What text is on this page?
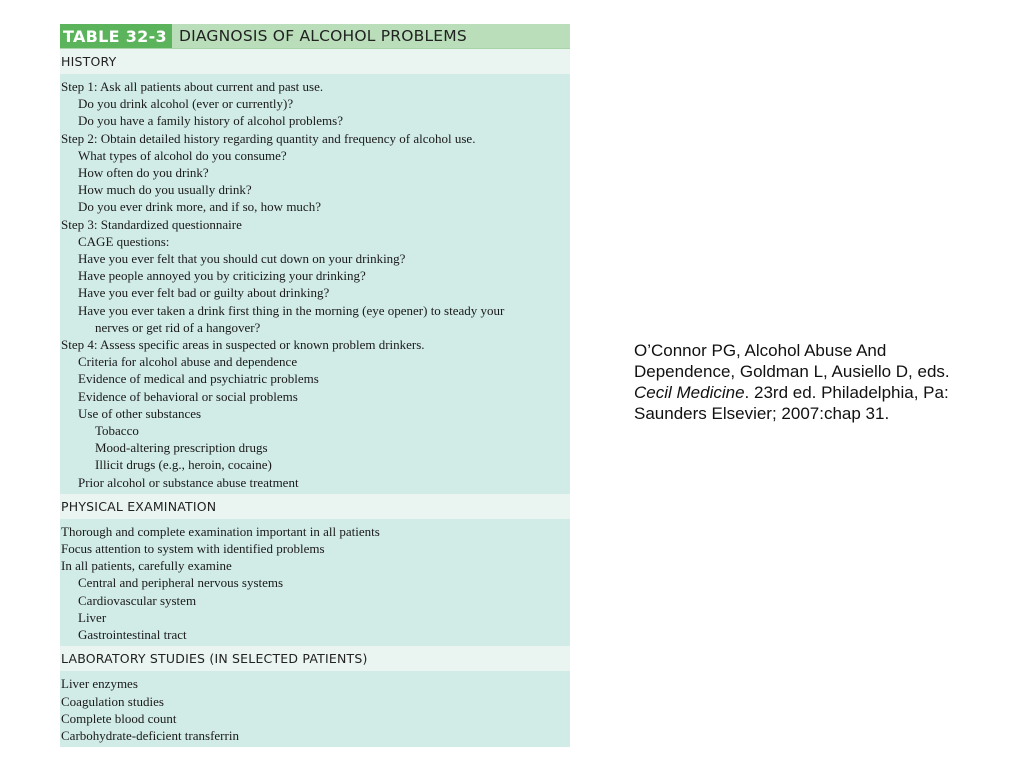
TABLE 32-3 DIAGNOSIS OF ALCOHOL PROBLEMS
HISTORY
Step 1: Ask all patients about current and past use.
Do you drink alcohol (ever or currently)?
Do you have a family history of alcohol problems?
Step 2: Obtain detailed history regarding quantity and frequency of alcohol use.
What types of alcohol do you consume?
How often do you drink?
How much do you usually drink?
Do you ever drink more, and if so, how much?
Step 3: Standardized questionnaire
CAGE questions:
Have you ever felt that you should cut down on your drinking?
Have people annoyed you by criticizing your drinking?
Have you ever felt bad or guilty about drinking?
Have you ever taken a drink first thing in the morning (eye opener) to steady your
nerves or get rid of a hangover?
Step 4: Assess specific areas in suspected or known problem drinkers.
Criteria for alcohol abuse and dependence
Evidence of medical and psychiatric problems
Evidence of behavioral or social problems
Use of other substances
Tobacco
Mood-altering prescription drugs
Illicit drugs (e.g., heroin, cocaine)
Prior alcohol or substance abuse treatment
PHYSICAL EXAMINATION
Thorough and complete examination important in all patients
Focus attention to system with identified problems
In all patients, carefully examine
Central and peripheral nervous systems
Cardiovascular system
Liver
Gastrointestinal tract
LABORATORY STUDIES (IN SELECTED PATIENTS)
Liver enzymes
Coagulation studies
Complete blood count
Carbohydrate-deficient transferrin
O’Connor PG, Alcohol Abuse And
Dependence, Goldman L, Ausiello D, eds.
Cecil Medicine. 23rd ed. Philadelphia, Pa:
Saunders Elsevier; 2007:chap 31.
